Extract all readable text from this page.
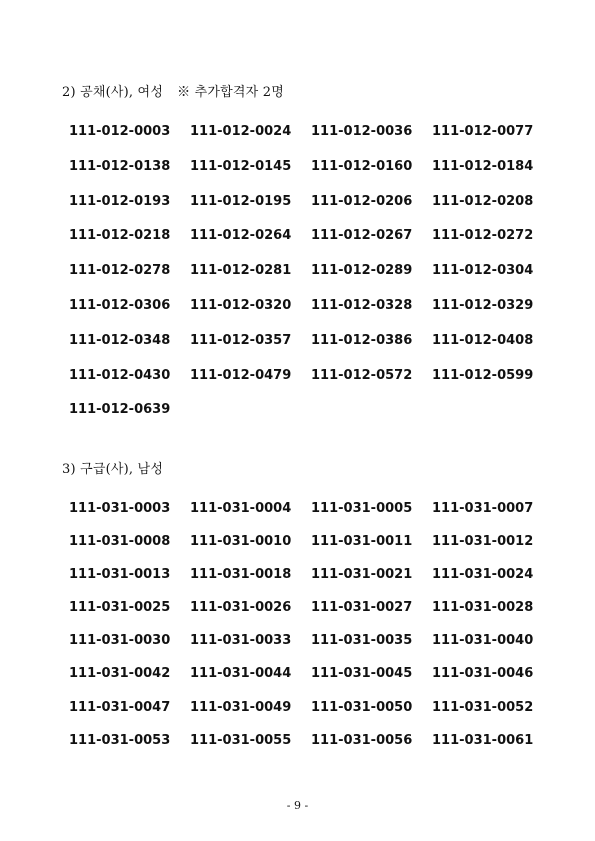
2) 공채(사), 여성 ※ 추가합격자 2명
111-012-0003	111-012-0024	111-012-0036	111-012-0077
111-012-0138	111-012-0145	111-012-0160	111-012-0184
111-012-0193	111-012-0195	111-012-0206	111-012-0208
111-012-0218	111-012-0264	111-012-0267	111-012-0272
111-012-0278	111-012-0281	111-012-0289	111-012-0304
111-012-0306	111-012-0320	111-012-0328	111-012-0329
111-012-0348	111-012-0357	111-012-0386	111-012-0408
111-012-0430	111-012-0479	111-012-0572	111-012-0599
111-012-0639
3) 구급(사), 남성
111-031-0003	111-031-0004	111-031-0005	111-031-0007
111-031-0008	111-031-0010	111-031-0011	111-031-0012
111-031-0013	111-031-0018	111-031-0021	111-031-0024
111-031-0025	111-031-0026	111-031-0027	111-031-0028
111-031-0030	111-031-0033	111-031-0035	111-031-0040
111-031-0042	111-031-0044	111-031-0045	111-031-0046
111-031-0047	111-031-0049	111-031-0050	111-031-0052
111-031-0053	111-031-0055	111-031-0056	111-031-0061
- 9 -
